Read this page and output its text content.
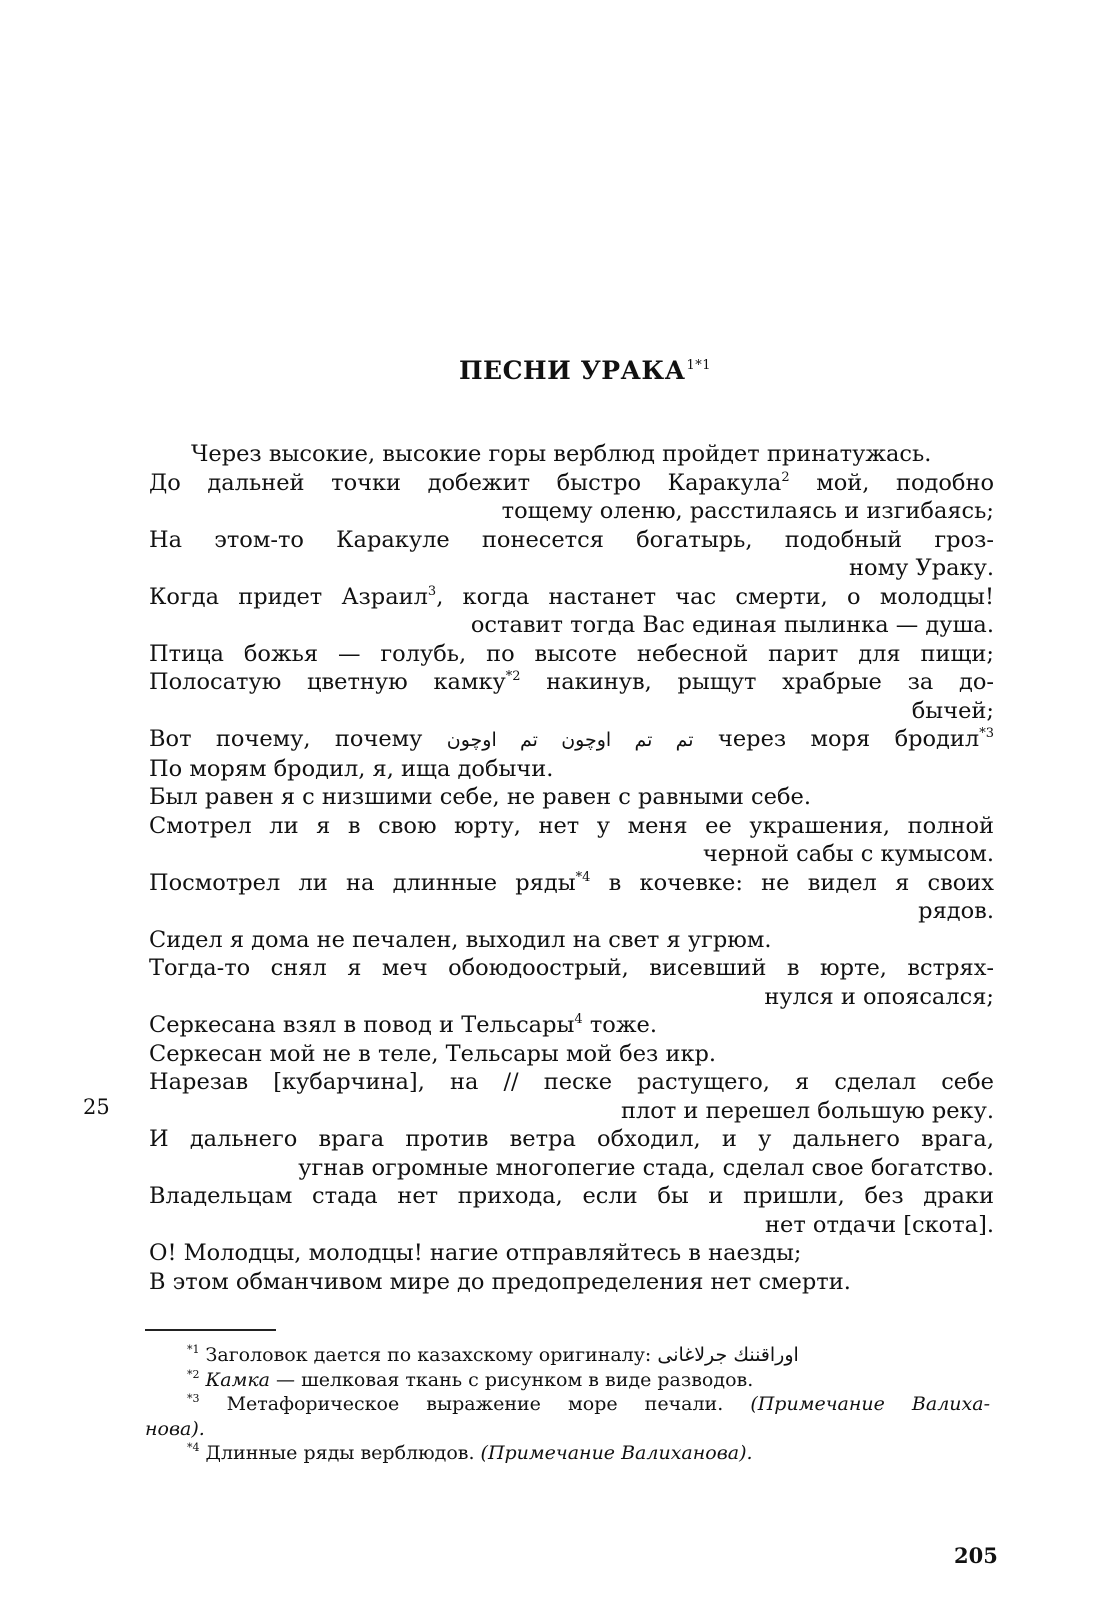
ПЕСНИ $УРАКА^{1*1}$

Через высокие, высокие горы верблюд пройдет принатужась.

До дальней точки добежит быстро Каракула$^2$ мой, подобно
тощему оленю, расстилаясь и изгибаясь;

На этом-то Каракуле понесется богатырь, подобный гроз-
ному Ураку.

Когда придет Азраил$^3$, когда настанет час смерти, о молодцы!
оставит тогда Вас единая пылинка — душа.

Птица божья — голубь, по высоте небесной парит для пищи;

Полосатую цветную камку$^{*2}$ накинув, рыщут храбрые за до-
бычей;

Вот почему, почему تم تم اوچون تم اوچون через моря бродил$^{*3}$

По морям бродил, я, ища добычи.

Был равен я с низшими себе, не равен с равными себе.

Смотрел ли я в свою юрту, нет у меня ее украшения, полной
черной сабы с кумысом.

Посмотрел ли на длинные ряды$^{*4}$ в кочевке: не видел я своих
рядов.

Сидел я дома не печален, выходил на свет я угрюм.

Тогда-то снял я меч обоюдоострый, висевший в юрте, встрях-
нулся и опоясался;

Серкесана взял в повод и Тельсары$^4$ тоже.

Серкесан мой не в теле, Тельсары мой без икр.

Нарезав [кубарчина], на // песке растущего, я сделал себе
плот и перешел большую реку.

И дальнего врага против ветра обходил, и у дальнего врага,
угнав огромные многопегие стада, сделал свое богатство.

Владельцам стада нет прихода, если бы и пришли, без драки
нет отдачи [скота].

О! Молодцы, молодцы! нагие отправляйтесь в наезды;

В этом обманчивом мире до предопределения нет смерти.

25

$^{*1}$ Заголовок дается по казахскому оригиналу: اوراقننك جرلاغانى

$^{*2}$ Камка — шелковая ткань с рисунком в виде разводов.

$^{*3}$ Метафорическое выражение море печали. (Примечание Валиха-
нова).

$^{*4}$ Длинные ряды верблюдов. (Примечание Валиханова).

205
